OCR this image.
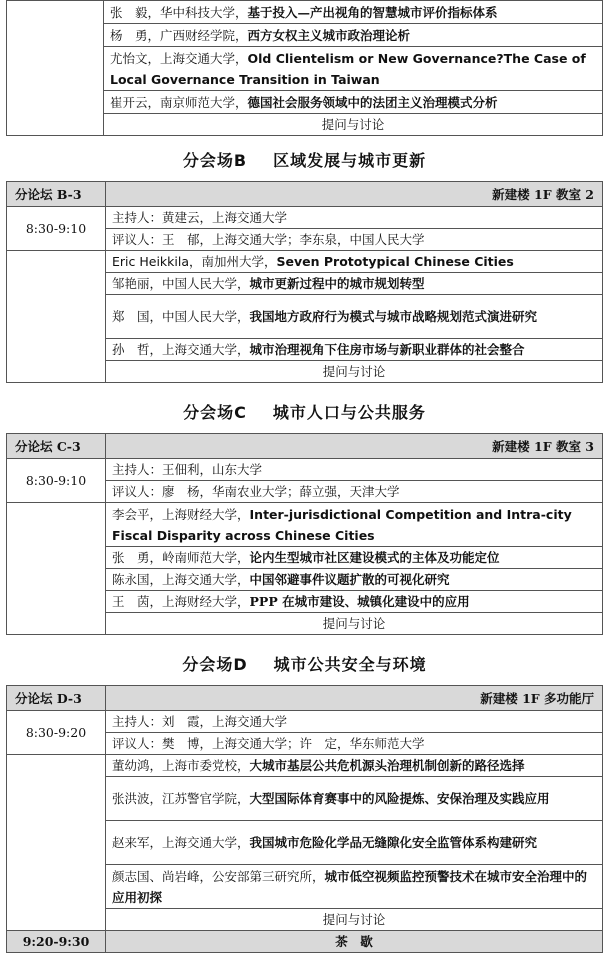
	张　毅，华中科技大学，基于投入—产出视角的智慧城市评价指标体系
杨　勇，广西财经学院，西方女权主义城市政治理论析
尤怡文，上海交通大学，Old Clientelism or New Governance?The Case of Local Governance Transition in Taiwan
崔开云，南京师范大学，德国社会服务领域中的法团主义治理模式分析
提问与讨论
分会场B 区域发展与城市更新
分论坛 B-3	新建楼 1F 教室 2
8:30-9:10	主持人：黄建云，上海交通大学
	评议人：王　郁，上海交通大学；李东泉，中国人民大学
	Eric Heikkila，南加州大学，Seven Prototypical Chinese Cities
	邹艳丽，中国人民大学，城市更新过程中的城市规划转型
	郑　国，中国人民大学，我国地方政府行为模式与城市战略规划范式演进研究
	孙　哲，上海交通大学，城市治理视角下住房市场与新职业群体的社会整合
	提问与讨论
分会场C 城市人口与公共服务
分论坛 C-3	新建楼 1F 教室 3
8:30-9:10	主持人：王佃利，山东大学
	评议人：廖　杨，华南农业大学；薛立强，天津大学
	李会平，上海财经大学，Inter-jurisdictional Competition and Intra-city Fiscal Disparity across Chinese Cities
	张　勇，岭南师范大学，论内生型城市社区建设模式的主体及功能定位
	陈永国，上海交通大学，中国邻避事件议题扩散的可视化研究
	王　茵，上海财经大学，PPP 在城市建设、城镇化建设中的应用
	提问与讨论
分会场D 城市公共安全与环境
分论坛 D-3	新建楼 1F 多功能厅
8:30-9:20	主持人：刘　霞，上海交通大学
	评议人：樊　博，上海交通大学；许　定，华东师范大学
	董幼鸿，上海市委党校，大城市基层公共危机源头治理机制创新的路径选择
	张洪波，江苏警官学院，大型国际体育赛事中的风险提炼、安保治理及实践应用
	赵来军，上海交通大学，我国城市危险化学品无缝隙化安全监管体系构建研究
	颜志国、尚岩峰，公安部第三研究所，城市低空视频监控预警技术在城市安全治理中的应用初探
	提问与讨论
9:20-9:30	茶　歇
